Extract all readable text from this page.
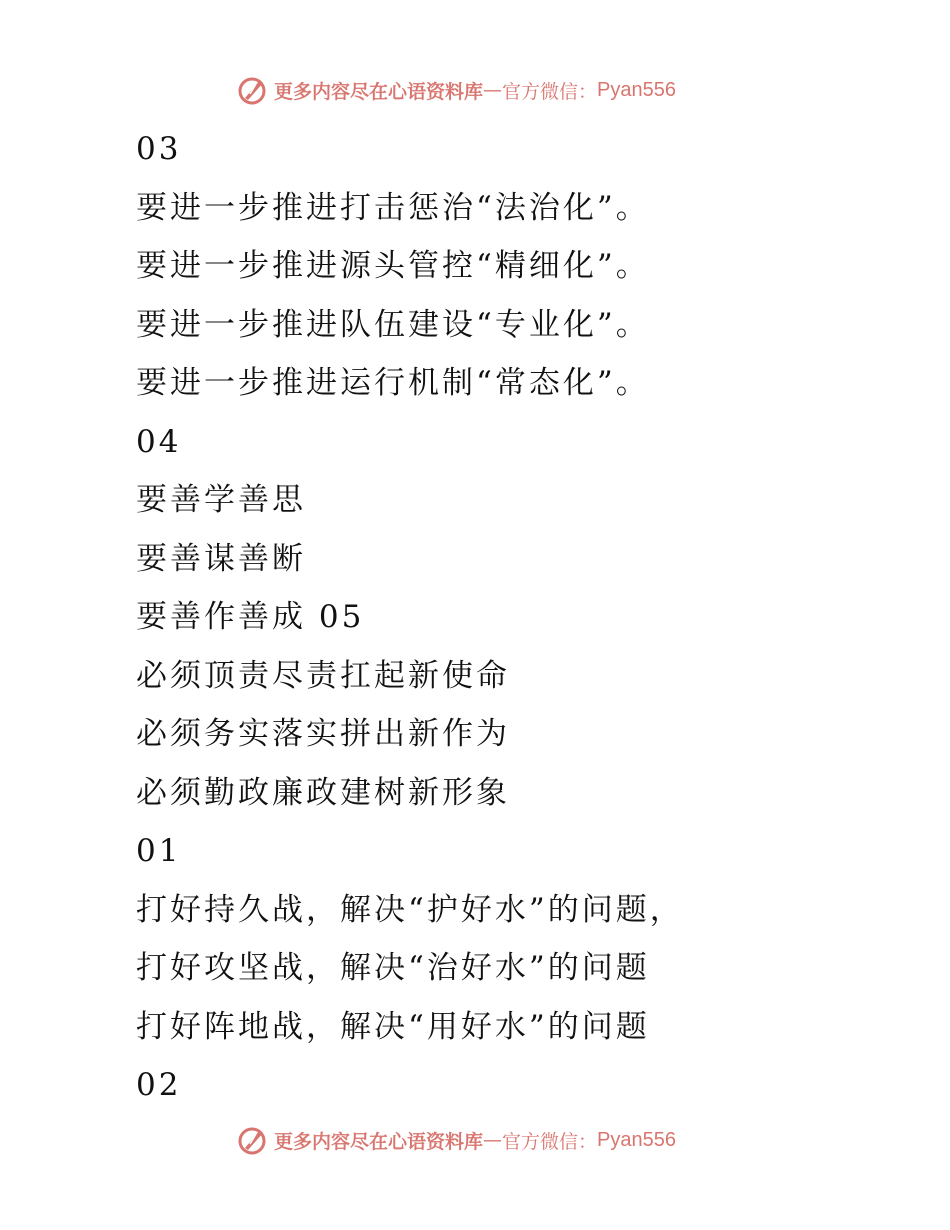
更多内容尽在心语资料库 — 官方微信： Pyan556
03
要进一步推进打击惩治“法治化”。
要进一步推进源头管控“精细化”。
要进一步推进队伍建设“专业化”。
要进一步推进运行机制“常态化”。
04
要善学善思
要善谋善断
要善作善成 05
必须顶责尽责扛起新使命
必须务实落实拼出新作为
必须勤政廉政建树新形象
01
打好持久战，解决“护好水”的问题，
打好攻坚战，解决“治好水”的问题
打好阵地战，解决“用好水”的问题
02
更多内容尽在心语资料库 — 官方微信： Pyan556
